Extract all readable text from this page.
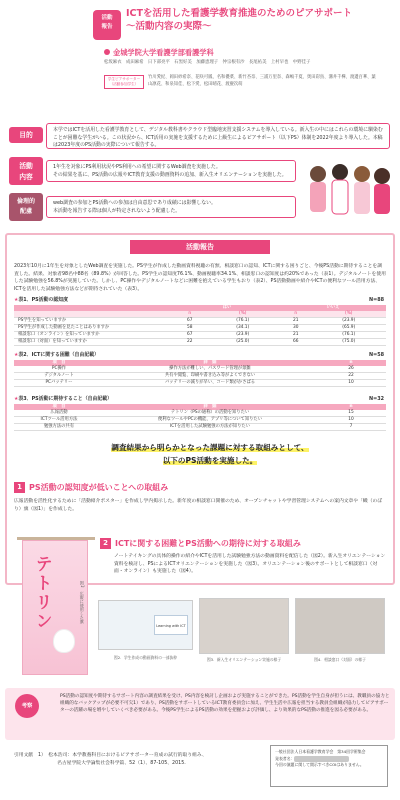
活動
報告
ICTを活用した看護学教育推進のためのピアサポート
〜活動内容の実際〜
金城学院大学看護学部看護学科
松坂麻衣　成田麻希　日下部亮平　石黒好美　加藤恵理子　仲宗根有沙　長尾祐美　上村早也　中野佳子
学生ピアサポーター（活動参加学生）
竹川愛紀、岡田紗希奈、花咲可鳳、名和優菜、新竹杏奈、三浦万里奈、森嶋千夏、奥田彩鳥、溝井千樺、渡邊百華、葉山凛花、和泉知佳、松下愛、松田晴花、渡慶次萌
目的
本学ではICTを活用した看護学教育として、デジタル教科書やクラウド型臨地実習支援システムを導入している。新入生の中にはこれらの環境に馴染むことが困難な学生がいる。この状況から、ICT活用の実施を支援するために上級生によるピアサポート（以下PS）体制を2022年度より導入した。本稿は2023年度のPS活動の実際について報告する。
活動
内容
1年生を対象にPS利用状況やPS利用への希望に関するWeb調査を実施した。
その結果を基に、PS活動の広報やICT教育支援の動画資料の追加、新入生オリエンテーションを実施した。
倫理的
配慮
web調査の参加とPS活動への参加は自由意思であり成績には影響しない。
本活動を報告する際は個人が特定されないよう配慮した。
活動報告
2023年10月に1年生を対象としたWeb調査を実施した。PS学生が作成した動画資料視聴の有無、相談窓口の認知、ICTに関する困りごと、今後PS活動に期待することを調査した。結果、対象者98名中88名（89.8%）が回答した。PS学生の認知度76.1%、動画視聴率34.1%、相談窓口の認知度は約20%であった（表1）。デジタルノートを使用した試験勉強を56.8%が実施していた。しかし、PC操作やデジタルノートなどに困難を抱えている学生もおり（表2）、PS活動動画や紹介やICTの便利なツール活用方法、ICTを活用した試験勉強方法などが期待されていた（表3）。
★表1．PS活動の認知度	N=88
	はい		いいえ	
	n	(%)	n	(%)
PS学生を知っていますか	67	(76.1)	21	(23.9)
PS学生が作成した動画を見たことはありますか	58	(34.1)	30	(65.9)
相談窓口（オンライン）を知っていますか	67	(23.9)	21	(76.1)
相談窓口（対面）を知っていますか	22	(25.0)	66	(75.0)
★表2．ICTに関する困難（自由記載）	N=58
項　目	詳　細	n
PC操作	操作方法が難しい、パスワード管理が煩雑	26
デジタルノート	共有や閲覧、印刷や書き込み等がよくできない	22
PCバッテリー	バッテリーの減りが早い、コード類がかさばる	10
★表3．PS活動に期待すること（自由記載）	N=32
項　目	詳　細	n
広報活動	テトリン（PSの通称）の活動を知りたい	15
ICTツール活用方法	便利なツールやPCの機能、アプリ等について知りたい	10
勉強方法の共有	ICTを活用した試験勉強の方法が知りたい	7
調査結果から明らかとなった課題に対する取組みとして、
以下のPS活動を実施した。
1 PS活動の認知度が低いことへの取組み
広報活動を活性化するために「活動紹介ポスター」を作成し学内掲示した。新年度の相談窓口開催のため、オープンチャットや学習管理システムへの案内文章や「幟（のぼり）旗（図1）」を作成した。
テトリン	図1．広報に使用した旗
2 ICTに関する困難とPS活動への期待に対する取組み
ノートテイキングの具体的操作の紹介やICTを活用した試験勉強方法の動画資料を配信した（図2）。新入生オリエンテーション資料を検討し、PSによるICTオリエンテーションを実施した（図3）。オリエンテーション後のサポートとして相談窓口（対面・オンライン）も実施した（図4）。
Learning with ICT
図2．学生作成の動画資料の一部抜粋	図3．新入生オリエンテーション実施の様子	図4．相談窓口（対面）の様子
考察
PS活動の認知度や期待するサポート内容の調査結果を受け、PS内容を検討し企画および実施することができた。PS活動を学生自身が担うには、教職員の協力と組織的なバックアップが必要不可欠1）であり、PS活動をサポートしているICT教育委員会に加え、学生生活や広報を担当する教員会組織が協力してピアサポーターの活躍の場を増やしていくべき必要がある。今後PS学生によるPS活動の効果を把握および評価し、より効果的なPS活動の推進を図る必要がある。
引用文献　1）　松本浩司：本学教養科目におけるピアサポーター育成の試行的取り組み、
　　　　　　　　　名古屋学院大学論集社会科学篇、52（1）、87-105、2015.
一般社団法人日本看護学教育学会　第34回学術集会
発表者名：
今回の演題に関して開示すべきCOIはありません。
